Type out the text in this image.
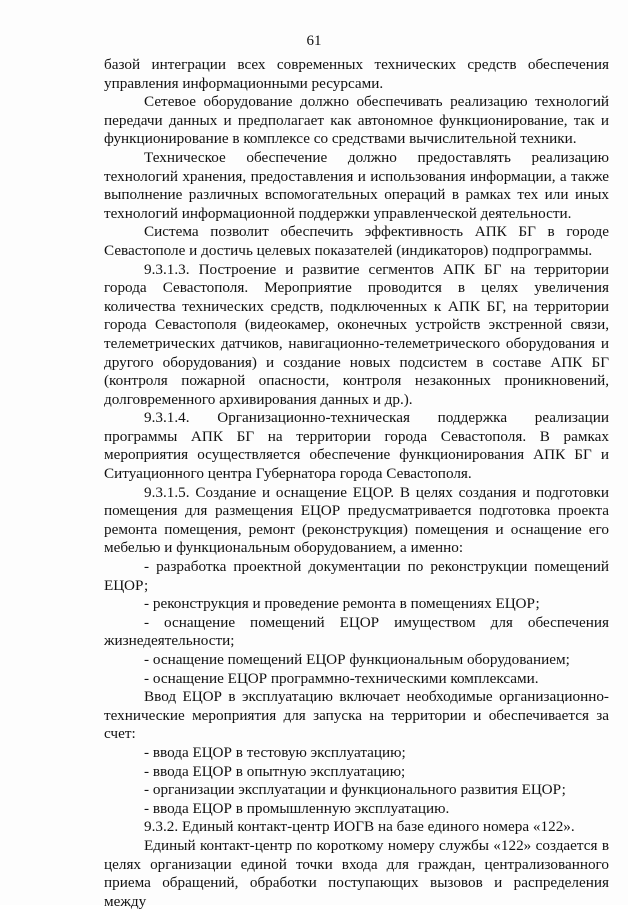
61

базой интеграции всех современных технических средств обеспечения управления информационными ресурсами.

Сетевое оборудование должно обеспечивать реализацию технологий передачи данных и предполагает как автономное функционирование, так и функционирование в комплексе со средствами вычислительной техники.

Техническое обеспечение должно предоставлять реализацию технологий хранения, предоставления и использования информации, а также выполнение различных вспомогательных операций в рамках тех или иных технологий информационной поддержки управленческой деятельности.

Система позволит обеспечить эффективность АПК БГ в городе Севастополе и достичь целевых показателей (индикаторов) подпрограммы.

9.3.1.3. Построение и развитие сегментов АПК БГ на территории города Севастополя. Мероприятие проводится в целях увеличения количества технических средств, подключенных к АПК БГ, на территории города Севастополя (видеокамер, оконечных устройств экстренной связи, телеметрических датчиков, навигационно-телеметрического оборудования и другого оборудования) и создание новых подсистем в составе АПК БГ (контроля пожарной опасности, контроля незаконных проникновений, долговременного архивирования данных и др.).

9.3.1.4. Организационно-техническая поддержка реализации программы АПК БГ на территории города Севастополя. В рамках мероприятия осуществляется обеспечение функционирования АПК БГ и Ситуационного центра Губернатора города Севастополя.

9.3.1.5. Создание и оснащение ЕЦОР. В целях создания и подготовки помещения для размещения ЕЦОР предусматривается подготовка проекта ремонта помещения, ремонт (реконструкция) помещения и оснащение его мебелью и функциональным оборудованием, а именно:

- разработка проектной документации по реконструкции помещений ЕЦОР;

- реконструкция и проведение ремонта в помещениях ЕЦОР;

- оснащение помещений ЕЦОР имуществом для обеспечения жизнедеятельности;

- оснащение помещений ЕЦОР функциональным оборудованием;

- оснащение ЕЦОР программно-техническими комплексами.

Ввод ЕЦОР в эксплуатацию включает необходимые организационно-технические мероприятия для запуска на территории и обеспечивается за счет:

- ввода ЕЦОР в тестовую эксплуатацию;

- ввода ЕЦОР в опытную эксплуатацию;

- организации эксплуатации и функционального развития ЕЦОР;

- ввода ЕЦОР в промышленную эксплуатацию.

9.3.2. Единый контакт-центр ИОГВ на базе единого номера «122».

Единый контакт-центр по короткому номеру службы «122» создается в целях организации единой точки входа для граждан, централизованного приема обращений, обработки поступающих вызовов и распределения между
